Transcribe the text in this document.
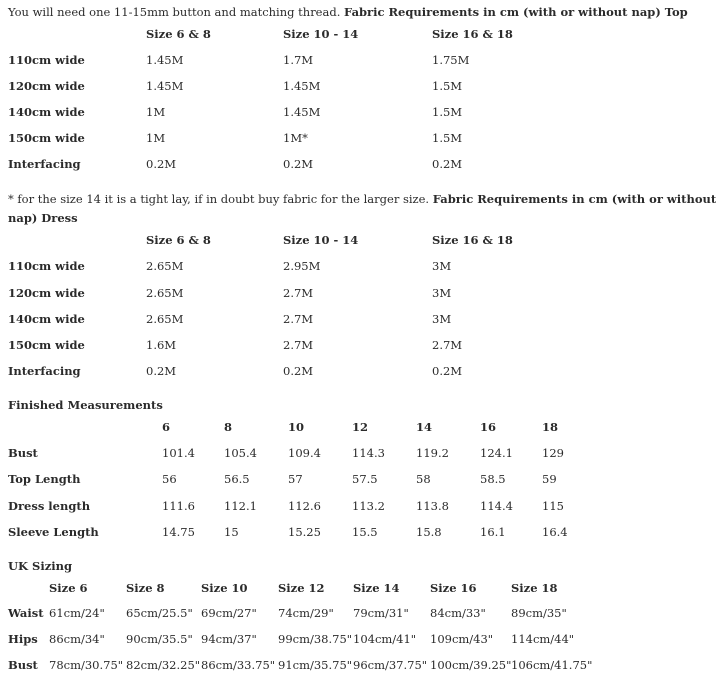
You will need one 11-15mm button and matching thread. Fabric Requirements in cm (with or without nap) Top
Size 6 & 8	Size 10 - 14	Size 16 & 18
110cm wide	1.45M	1.7M	1.75M
120cm wide	1.45M	1.45M	1.5M
140cm wide	1M	1.45M	1.5M
150cm wide	1M	1M*	1.5M
Interfacing	0.2M	0.2M	0.2M
* for the size 14 it is a tight lay, if in doubt buy fabric for the larger size. Fabric Requirements in cm (with or without
nap) Dress
Size 6 & 8	Size 10 - 14	Size 16 & 18
110cm wide	2.65M	2.95M	3M
120cm wide	2.65M	2.7M	3M
140cm wide	2.65M	2.7M	3M
150cm wide	1.6M	2.7M	2.7M
Interfacing	0.2M	0.2M	0.2M
Finished Measurements
6	8	10	12	14	16	18
Bust	101.4	105.4	109.4	114.3	119.2	124.1	129
Top Length	56	56.5	57	57.5	58	58.5	59
Dress length	111.6	112.1	112.6	113.2	113.8	114.4	115
Sleeve Length	14.75	15	15.25	15.5	15.8	16.1	16.4
UK Sizing
Size 6	Size 8	Size 10	Size 12 Size 14	Size 16	Size 18
Waist 61cm/24" 65cm/25.5" 69cm/27" 74cm/29" 79cm/31" 84cm/33" 89cm/35"
Hips 86cm/34" 90cm/35.5" 94cm/37" 99cm/38.75" 104cm/41" 109cm/43" 114cm/44"
Bust 78cm/30.75" 82cm/32.25" 86cm/33.75" 91cm/35.75" 96cm/37.75" 100cm/39.25" 106cm/41.75"
